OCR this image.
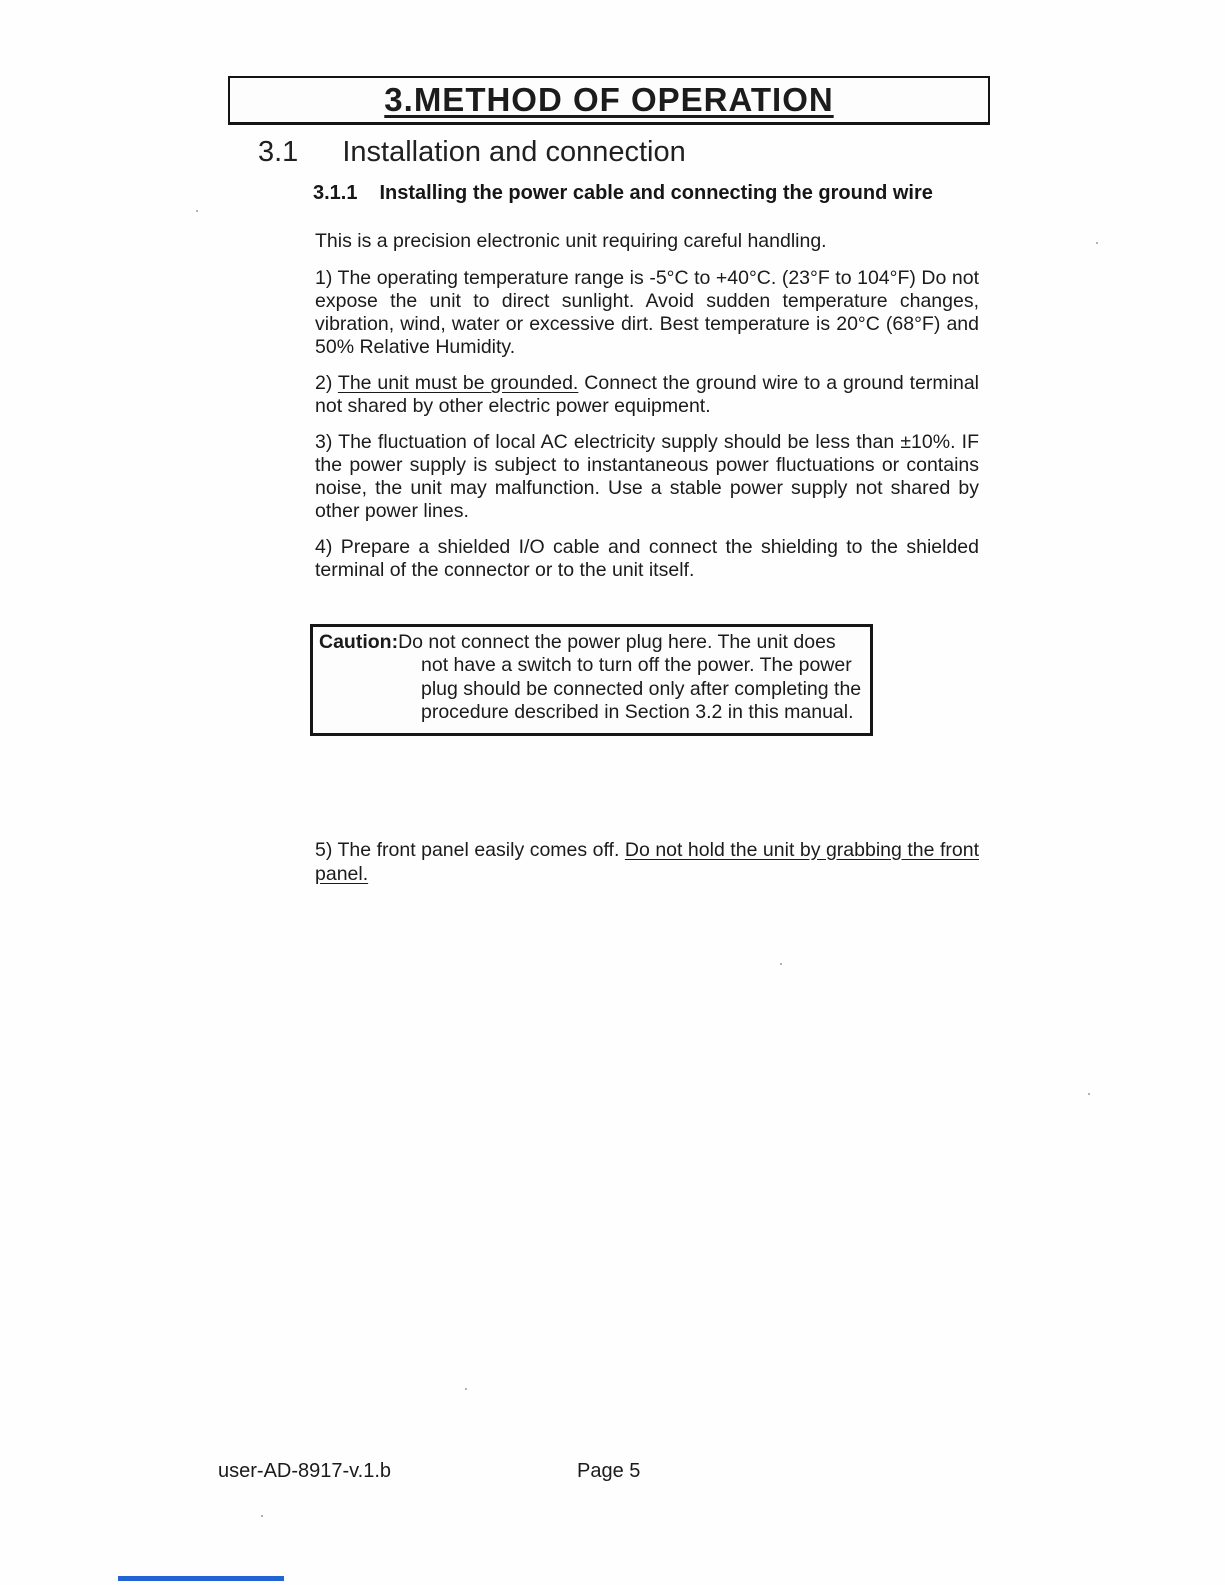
3.METHOD OF OPERATION
3.1 Installation and connection
3.1.1 Installing the power cable and connecting the ground wire

This is a precision electronic unit requiring careful handling.

1) The operating temperature range is -5°C to +40°C. (23°F to 104°F) Do not expose the unit to direct sunlight. Avoid sudden temperature changes, vibration, wind, water or excessive dirt. Best temperature is 20°C (68°F) and 50% Relative Humidity.

2) The unit must be grounded. Connect the ground wire to a ground terminal not shared by other electric power equipment.

3) The fluctuation of local AC electricity supply should be less than ±10%. IF the power supply is subject to instantaneous power fluctuations or contains noise, the unit may malfunction. Use a stable power supply not shared by other power lines.

4) Prepare a shielded I/O cable and connect the shielding to the shielded terminal of the connector or to the unit itself.

Caution:Do not connect the power plug here. The unit does not have a switch to turn off the power. The power plug should be connected only after completing the procedure described in Section 3.2 in this manual.

5) The front panel easily comes off. Do not hold the unit by grabbing the front panel.

user-AD-8917-v.1.b	Page 5
